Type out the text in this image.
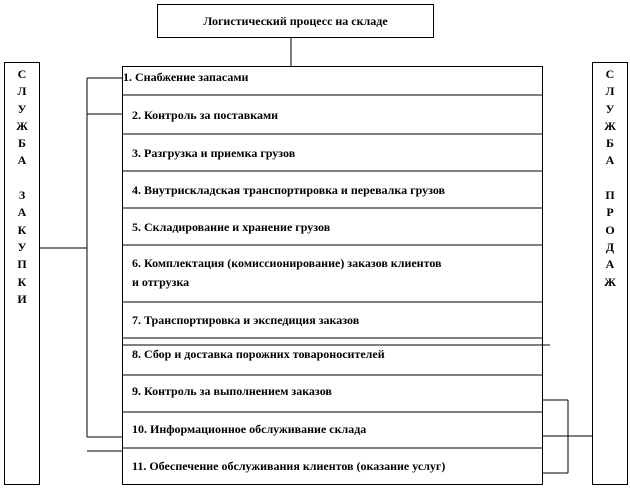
Логистический процесс на складе
С
Л
У
Ж
Б
А
З
А
К
У
П
К
И
С
Л
У
Ж
Б
А
П
Р
О
Д
А
Ж
1. Снабжение запасами
2. Контроль за поставками
3. Разгрузка и приемка грузов
4. Внутрискладская транспортировка и перевалка грузов
5. Складирование и хранение грузов
6. Комплектация (комиссионирование) заказов клиентов
и отгрузка
7. Транспортировка и экспедиция заказов
8. Сбор и доставка порожних товароносителей
9. Контроль за выполнением заказов
10. Информационное обслуживание склада
11. Обеспечение обслуживания клиентов (оказание услуг)
